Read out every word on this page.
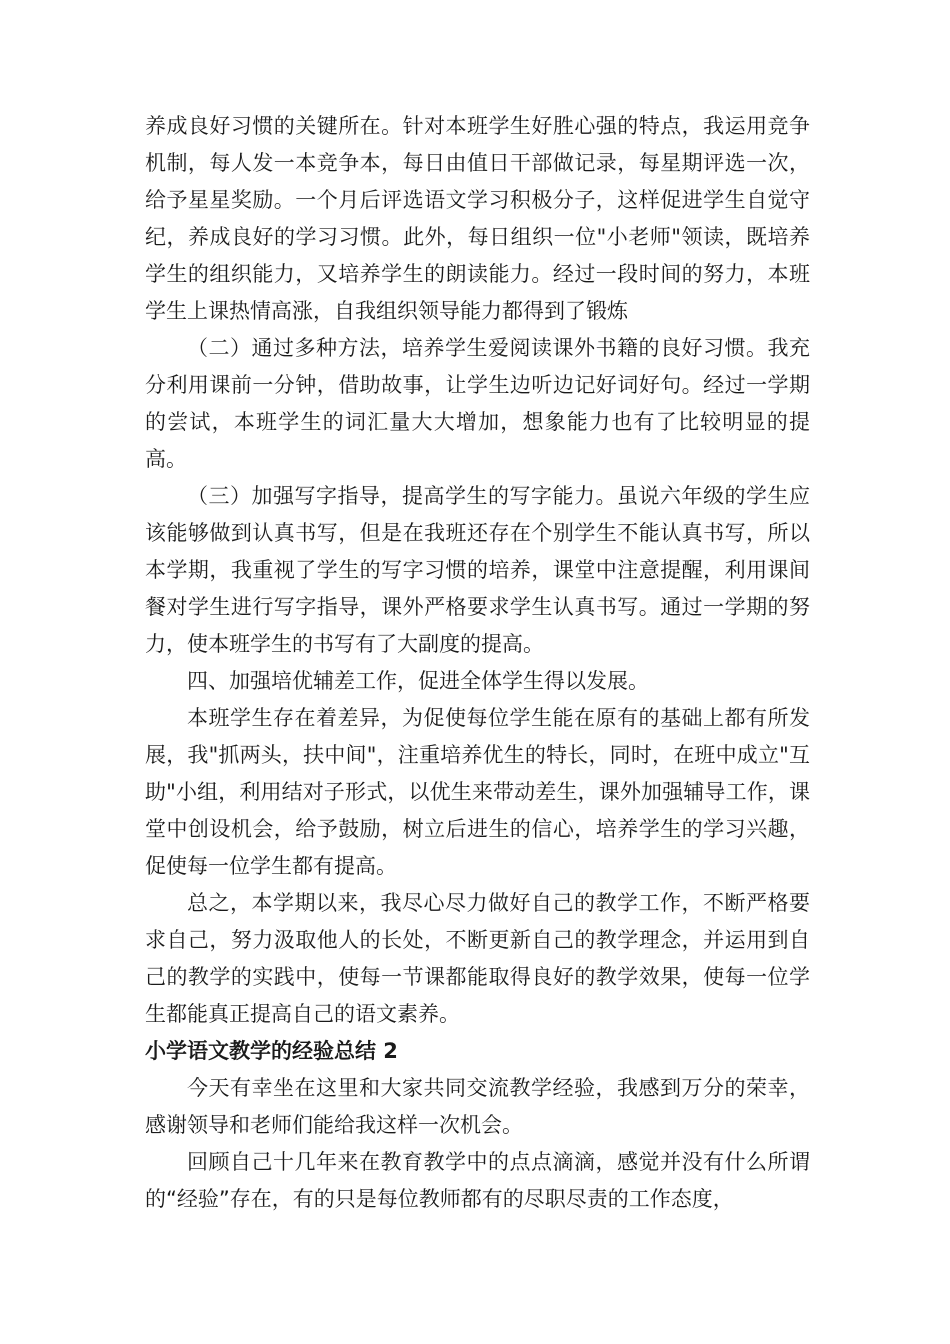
养成良好习惯的关键所在。针对本班学生好胜心强的特点，我运用竞争机制，每人发一本竞争本，每日由值日干部做记录，每星期评选一次，给予星星奖励。一个月后评选语文学习积极分子，这样促进学生自觉守纪，养成良好的学习习惯。此外，每日组织一位"小老师"领读，既培养学生的组织能力，又培养学生的朗读能力。经过一段时间的努力，本班学生上课热情高涨，自我组织领导能力都得到了锻炼

（二）通过多种方法，培养学生爱阅读课外书籍的良好习惯。我充分利用课前一分钟，借助故事，让学生边听边记好词好句。经过一学期的尝试，本班学生的词汇量大大增加，想象能力也有了比较明显的提高。

（三）加强写字指导，提高学生的写字能力。虽说六年级的学生应该能够做到认真书写，但是在我班还存在个别学生不能认真书写，所以本学期，我重视了学生的写字习惯的培养，课堂中注意提醒，利用课间餐对学生进行写字指导，课外严格要求学生认真书写。通过一学期的努力，使本班学生的书写有了大副度的提高。

四、加强培优辅差工作，促进全体学生得以发展。

本班学生存在着差异，为促使每位学生能在原有的基础上都有所发展，我"抓两头，扶中间"，注重培养优生的特长，同时，在班中成立"互助"小组，利用结对子形式，以优生来带动差生，课外加强辅导工作，课堂中创设机会，给予鼓励，树立后进生的信心，培养学生的学习兴趣，促使每一位学生都有提高。

总之，本学期以来，我尽心尽力做好自己的教学工作，不断严格要求自己，努力汲取他人的长处，不断更新自己的教学理念，并运用到自己的教学的实践中，使每一节课都能取得良好的教学效果，使每一位学生都能真正提高自己的语文素养。

小学语文教学的经验总结 2

今天有幸坐在这里和大家共同交流教学经验，我感到万分的荣幸，感谢领导和老师们能给我这样一次机会。

回顾自己十几年来在教育教学中的点点滴滴，感觉并没有什么所谓的“经验”存在，有的只是每位教师都有的尽职尽责的工作态度，
